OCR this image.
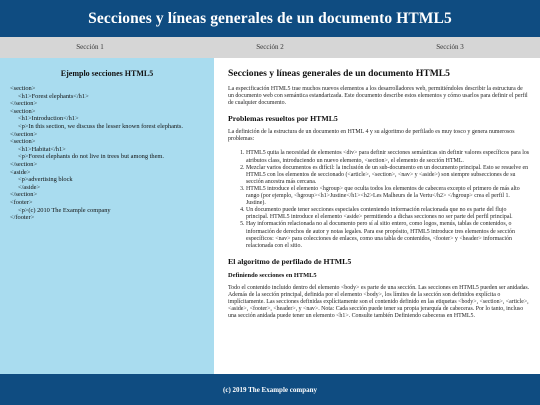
Secciones y líneas generales de un documento HTML5
Sección 1	Sección 2	Sección 3
Ejemplo secciones HTML5
<section>
<h1>Forest elephants</h1>
</section>
<section>
<h1>Introduction</h1>
<p>In this section, we discuss the lesser known forest elephants.
</section>
<section>
<h1>Habitat</h1>
<p>Forest elephants do not live in trees but among them.
</section>
<aside>
<p>advertising block
</aside>
</section>
<footer>
<p>(c) 2010 The Example company
</footer>
Secciones y líneas generales de un documento HTML5

La especificación HTML5 trae muchos nuevos elementos a los desarrolladores web, permitiéndoles describir la estructura de un documento web con semántica estandarizada. Este documento describe estos elementos y cómo usarlos para definir el perfil de cualquier documento.

Problemas resueltos por HTML5

La definición de la estructura de un documento en HTML 4 y su algoritmo de perfilado es muy tosco y genera numerosos problemas:

1. HTML5 quita la necesidad de elementos <div> para definir secciones semánticas sin definir valores específicos para los atributos class, introduciendo un nuevo elemento, <section>, el elemento de sección HTML.
2. Mezclar varios documentos es difícil: la inclusión de un sub-documento en un documento principal. Esto se resuelve en HTML5 con los elementos de seccionado (<article>, <section>, <nav> y <aside>) son siempre subsecciones de su sección ancestra más cercana.
3. HTML5 introduce el elemento <hgroup> que oculta todos los elementos de cabecera excepto el primero de más alto rango (por ejemplo, <hgroup><h1>Justine</h1><h2>Les Malheurs de la Vertu</h2> </hgroup> crea el perfil 1. Justine).
4. Un documento puede tener secciones especiales conteniendo información relacionada que no es parte del flujo principal. HTML5 introduce el elemento <aside> permitiendo a dichas secciones no ser parte del perfil principal.
5. Hay información relacionada no al documento pero sí al sitio entero, como logos, menús, tablas de contenidos, o información de derechos de autor y notas legales. Para ese propósito, HTML5 introduce tres elementos de sección específicos: <nav> para colecciones de enlaces, como una tabla de contenidos, <footer> y <header> información relacionada con el sitio.
El algoritmo de perfilado de HTML5
Definiendo secciones en HTML5

Todo el contenido incluido dentro del elemento <body> es parte de una sección. Las secciones en HTML5 pueden ser anidadas. Además de la sección principal, definida por el elemento <body>, los límites de la sección son definidos explícita o implícitamente. Las secciones definidas explícitamente son el contenido definido en las etiquetas <body>, <section>, <article>, <aside>, <footer>, <header>, y <nav>. Nota: Cada sección puede tener su propia jerarquía de cabeceras. Por lo tanto, incluso una sección anidada puede tener un elemento <h1>. Consulte también Definiendo cabeceras en HTML5.

(c) 2019 The Example company
